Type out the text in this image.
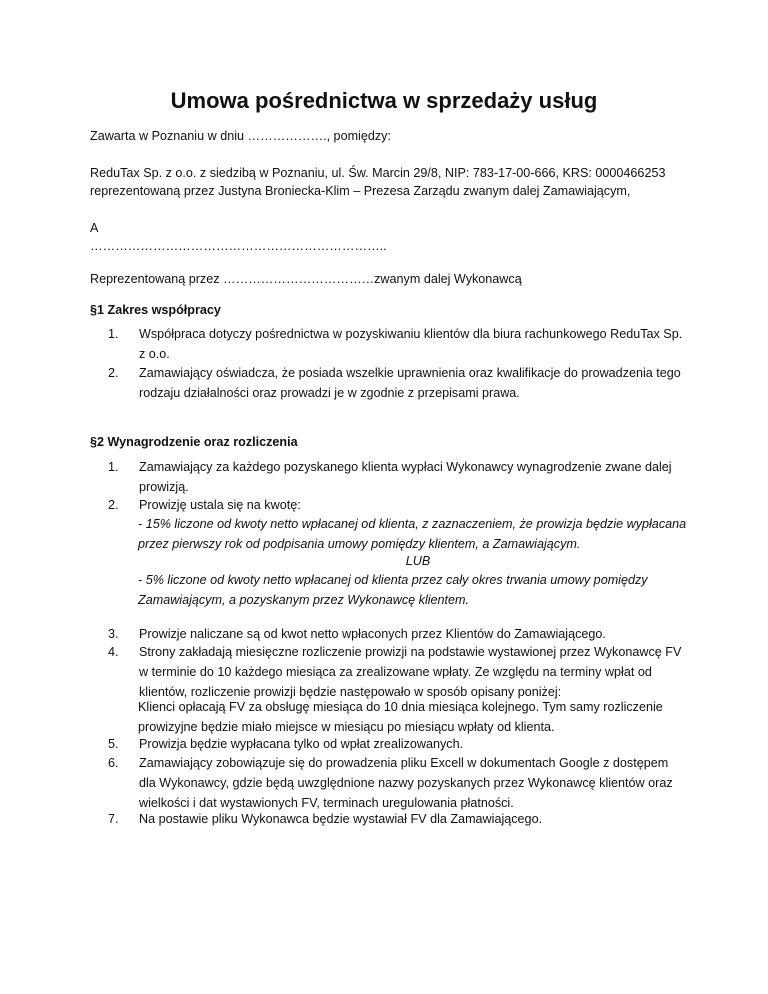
Umowa pośrednictwa w sprzedaży usług
Zawarta w Poznaniu w dniu ………………., pomiędzy:
ReduTax Sp. z o.o. z siedzibą w Poznaniu, ul. Św. Marcin 29/8, NIP: 783-17-00-666, KRS: 0000466253
reprezentowaną przez Justyna Broniecka-Klim – Prezesa Zarządu zwanym dalej Zamawiającym,
A
……………………………………………………………..
Reprezentowaną przez ………………………………zwanym dalej Wykonawcą
§1 Zakres współpracy
1. Współpraca dotyczy pośrednictwa w pozyskiwaniu klientów dla biura rachunkowego ReduTax Sp. z o.o.
2. Zamawiający oświadcza, że posiada wszelkie uprawnienia oraz kwalifikacje do prowadzenia tego rodzaju działalności oraz prowadzi je w zgodnie z przepisami prawa.
§2 Wynagrodzenie oraz rozliczenia
1. Zamawiający za każdego pozyskanego klienta wypłaci Wykonawcy wynagrodzenie zwane dalej prowizją.
2. Prowizję ustala się na kwotę:
- 15% liczone od kwoty netto wpłacanej od klienta, z zaznaczeniem, że prowizja będzie wypłacana przez pierwszy rok od podpisania umowy pomiędzy klientem, a Zamawiającym.
LUB
- 5% liczone od kwoty netto wpłacanej od klienta przez cały okres trwania umowy pomiędzy Zamawiającym, a pozyskanym przez Wykonawcę klientem.
3. Prowizje naliczane są od kwot netto wpłaconych przez Klientów do Zamawiającego.
4. Strony zakładają miesięczne rozliczenie prowizji na podstawie wystawionej przez Wykonawcę FV w terminie do 10 każdego miesiąca za zrealizowane wpłaty. Ze względu na terminy wpłat od klientów, rozliczenie prowizji będzie następowało w sposób opisany poniżej:
Klienci opłacają FV za obsługę miesiąca do 10 dnia miesiąca kolejnego. Tym samy rozliczenie prowizyjne będzie miało miejsce w miesiącu po miesiącu wpłaty od klienta.
5. Prowizja będzie wypłacana tylko od wpłat zrealizowanych.
6. Zamawiający zobowiązuje się do prowadzenia pliku Excell w dokumentach Google z dostępem dla Wykonawcy, gdzie będą uwzględnione nazwy pozyskanych przez Wykonawcę klientów oraz wielkości i dat wystawionych FV, terminach uregulowania płatności.
7. Na postawie pliku Wykonawca będzie wystawiał FV dla Zamawiającego.
